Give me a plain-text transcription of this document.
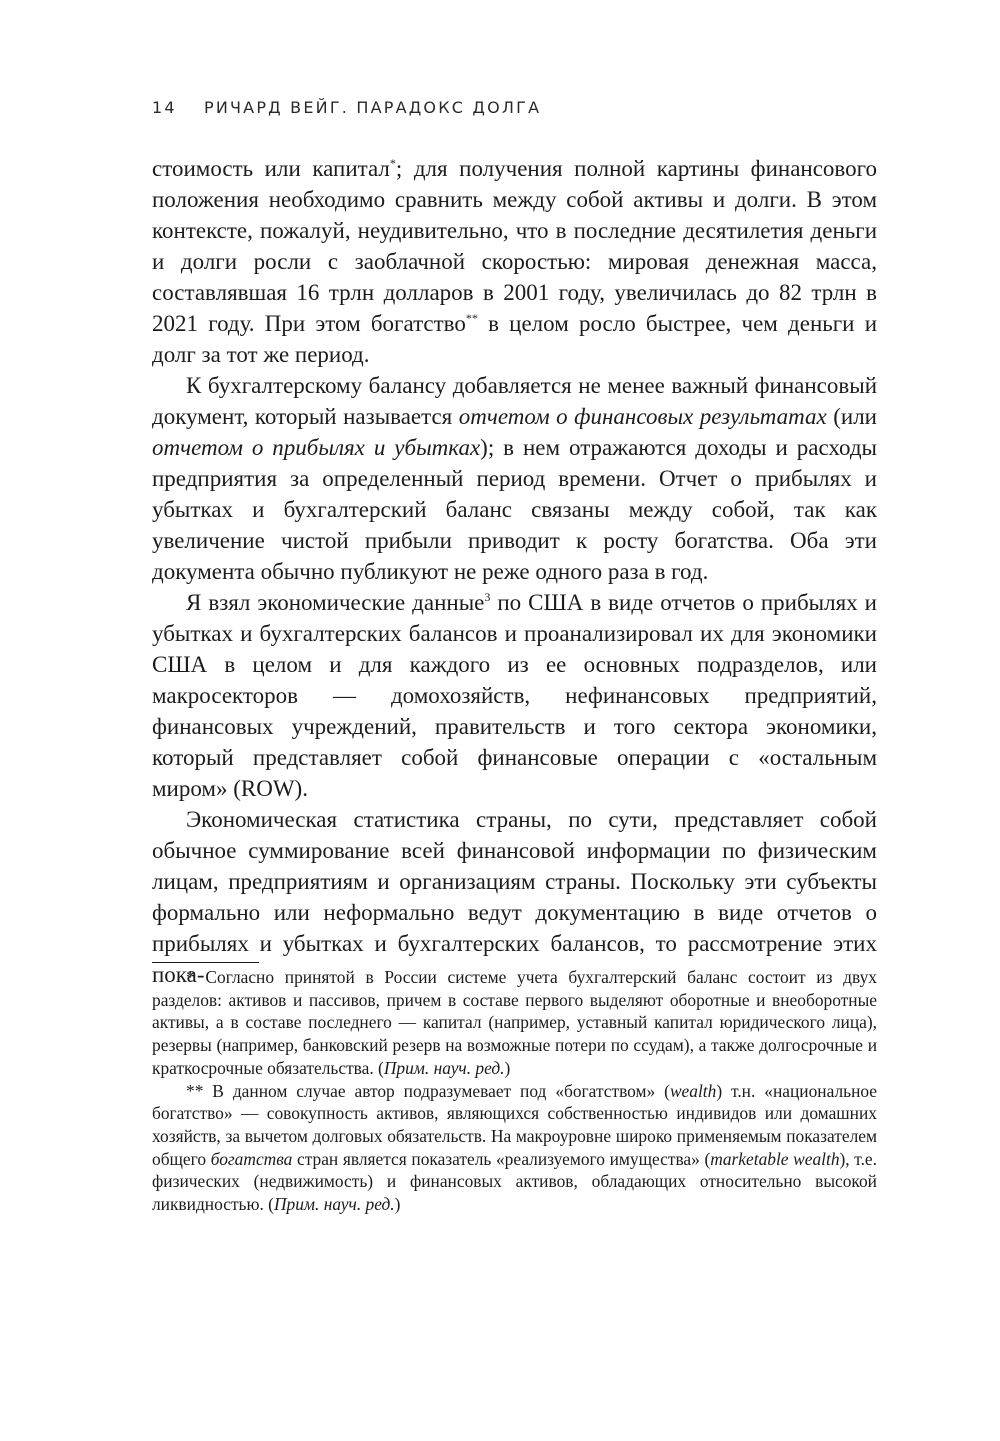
14 РИЧАРД ВЕЙГ. ПАРАДОКС ДОЛГА

стоимость или капитал*; для получения полной картины финансового положения необходимо сравнить между собой активы и долги. В этом контексте, пожалуй, неудивительно, что в последние десятилетия деньги и долги росли с заоблачной скоростью: мировая денежная масса, составлявшая 16 трлн долларов в 2001 году, увеличилась до 82 трлн в 2021 году. При этом богатство** в целом росло быстрее, чем деньги и долг за тот же период.

К бухгалтерскому балансу добавляется не менее важный финансовый документ, который называется отчетом о финансовых результатах (или отчетом о прибылях и убытках); в нем отражаются доходы и расходы предприятия за определенный период времени. Отчет о прибылях и убытках и бухгалтерский баланс связаны между собой, так как увеличение чистой прибыли приводит к росту богатства. Оба эти документа обычно публикуют не реже одного раза в год.

Я взял экономические данные$^3$ по США в виде отчетов о прибылях и убытках и бухгалтерских балансов и проанализировал их для экономики США в целом и для каждого из ее основных подразделов, или макросекторов — домохозяйств, нефинансовых предприятий, финансовых учреждений, правительств и того сектора экономики, который представляет собой финансовые операции с «остальным миром» (ROW).

Экономическая статистика страны, по сути, представляет собой обычное суммирование всей финансовой информации по физическим лицам, предприятиям и организациям страны. Поскольку эти субъекты формально или неформально ведут документацию в виде отчетов о прибылях и убытках и бухгалтерских балансов, то рассмотрение этих пока-

* Согласно принятой в России системе учета бухгалтерский баланс состоит из двух разделов: активов и пассивов, причем в составе первого выделяют оборотные и внеоборотные активы, а в составе последнего — капитал (например, уставный капитал юридического лица), резервы (например, банковский резерв на возможные потери по ссудам), а также долгосрочные и краткосрочные обязательства. (Прим. науч. ред.)

** В данном случае автор подразумевает под «богатством» (wealth) т.н. «национальное богатство» — совокупность активов, являющихся собственностью индивидов или домашних хозяйств, за вычетом долговых обязательств. На макроуровне широко применяемым показателем общего богатства стран является показатель «реализуемого имущества» (marketable wealth), т.е. физических (недвижимость) и финансовых активов, обладающих относительно высокой ликвидностью. (Прим. науч. ред.)
